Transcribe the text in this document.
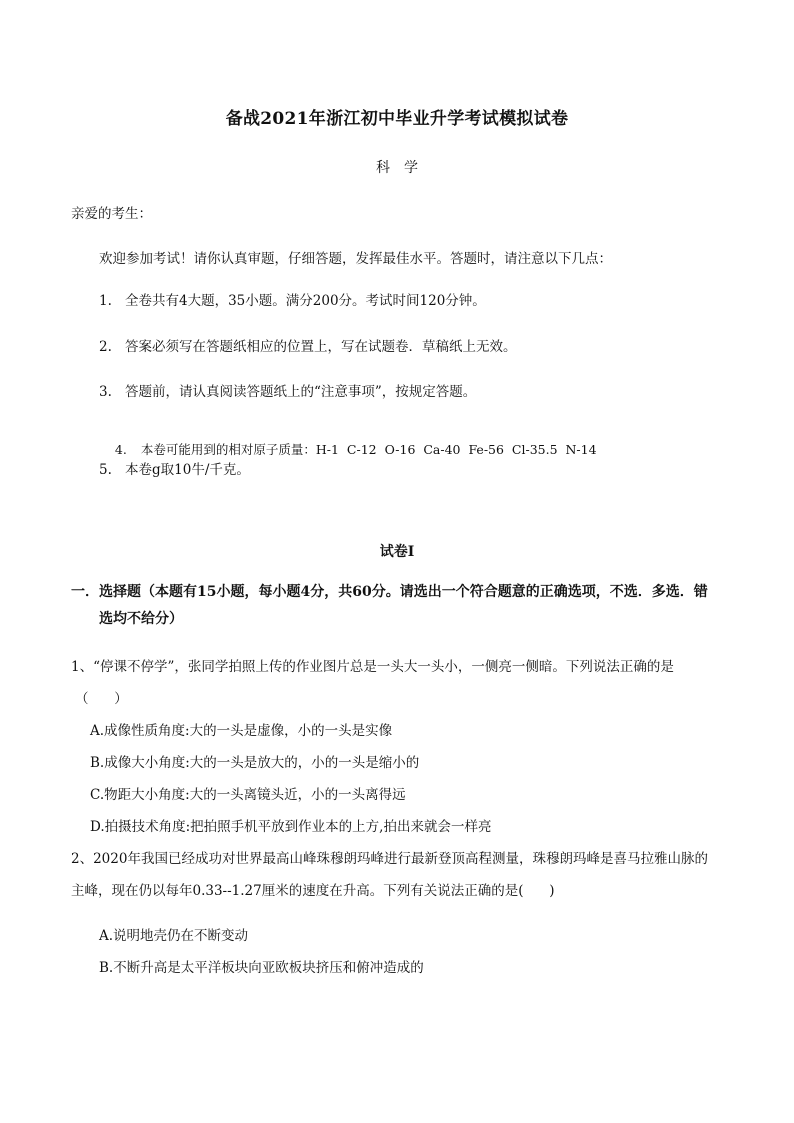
备战2021年浙江初中毕业升学考试模拟试卷
科学
亲爱的考生：
欢迎参加考试！请你认真审题，仔细答题，发挥最佳水平。答题时，请注意以下几点：
1. 全卷共有4大题，35小题。满分200分。考试时间120分钟。
2. 答案必须写在答题纸相应的位置上，写在试题卷．草稿纸上无效。
3. 答题前，请认真阅读答题纸上的“注意事项”，按规定答题。

4. 本卷可能用到的相对原子质量：H-1  C-12  O-16  Ca-40  Fe-56  Cl-35.5  N-14

5. 本卷g取10牛/千克。
试卷I
一．选择题（本题有15小题，每小题4分，共60分。请选出一个符合题意的正确选项，不选．多选．错
选均不给分）
1、“停课不停学”，张同学拍照上传的作业图片总是一头大一头小，一侧亮一侧暗。下列说法正确的是
（      ）
A.成像性质角度:大的一头是虚像，小的一头是实像
B.成像大小角度:大的一头是放大的，小的一头是缩小的
C.物距大小角度:大的一头离镜头近，小的一头离得远
D.拍摄技术角度:把拍照手机平放到作业本的上方,拍出来就会一样亮
2、2020年我国已经成功对世界最高山峰珠穆朗玛峰进行最新登顶高程测量，珠穆朗玛峰是喜马拉雅山脉的
主峰，现在仍以每年0.33--1.27厘米的速度在升高。下列有关说法正确的是(      )
A.说明地壳仍在不断变动
B.不断升高是太平洋板块向亚欧板块挤压和俯冲造成的
